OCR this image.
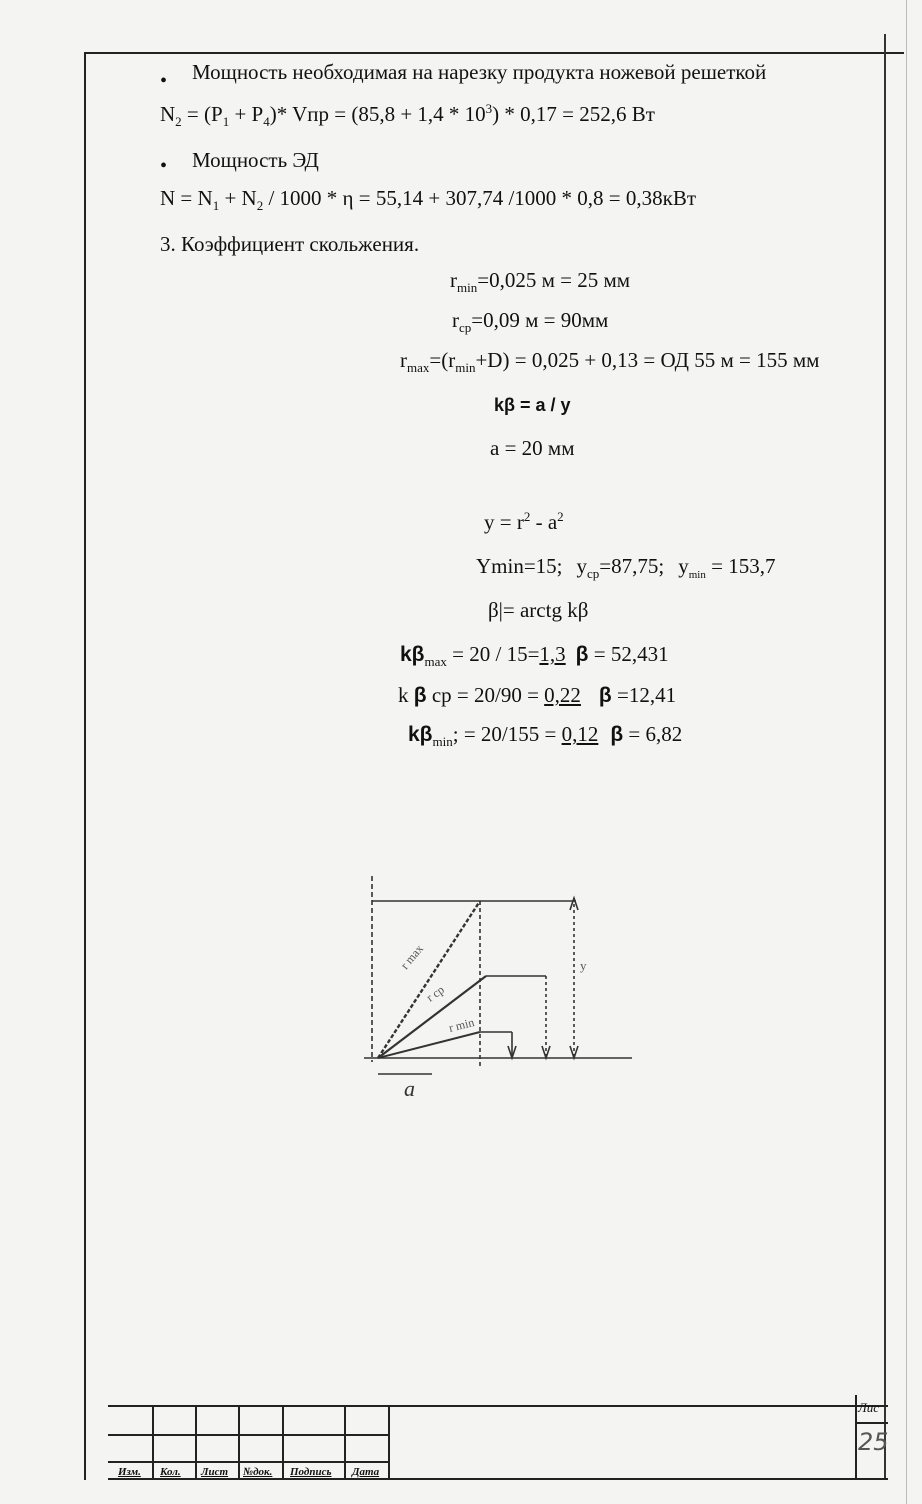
• Мощность необходимая на нарезку продукта ножевой решеткой
$N_2 = (P_1 + P_4)*$ Vпр = $(85,8 + 1,4 * 10^3) * 0,17 = 252,6$ Вт
• Мощность ЭД
$N = N_1 + N_2 / 1000 * \eta = 55,14 + 307,74$ /1000 * 0,8 = 0,38кВт
3. Коэффициент скольжения.
$r_{min}=0,025$ м = 25 мм
$r_{ср}=0,09$ м = 90мм
$r_{max}=(r_{min}+D) = 0,025 + 0,13$ = ОД 55 м = 155 мм
kβ = a / y
a = 20 мм
$y = r^2 - a^2$
Ymin=15; $y_{ср}=87,75$; $y_{min} = 153,7$
β|= arctg kβ
$k\beta_{max} = 20 / 15=1,3$ β = 52,431
k β ср = 20/90 = 0,22 β =12,41
$k\beta_{min}$; = 20/155 = 0,12 β = 6,82
r max
r ср
r min
y
a
Изм. Кол. Лист №док. Подпись Дата
Лис
25
